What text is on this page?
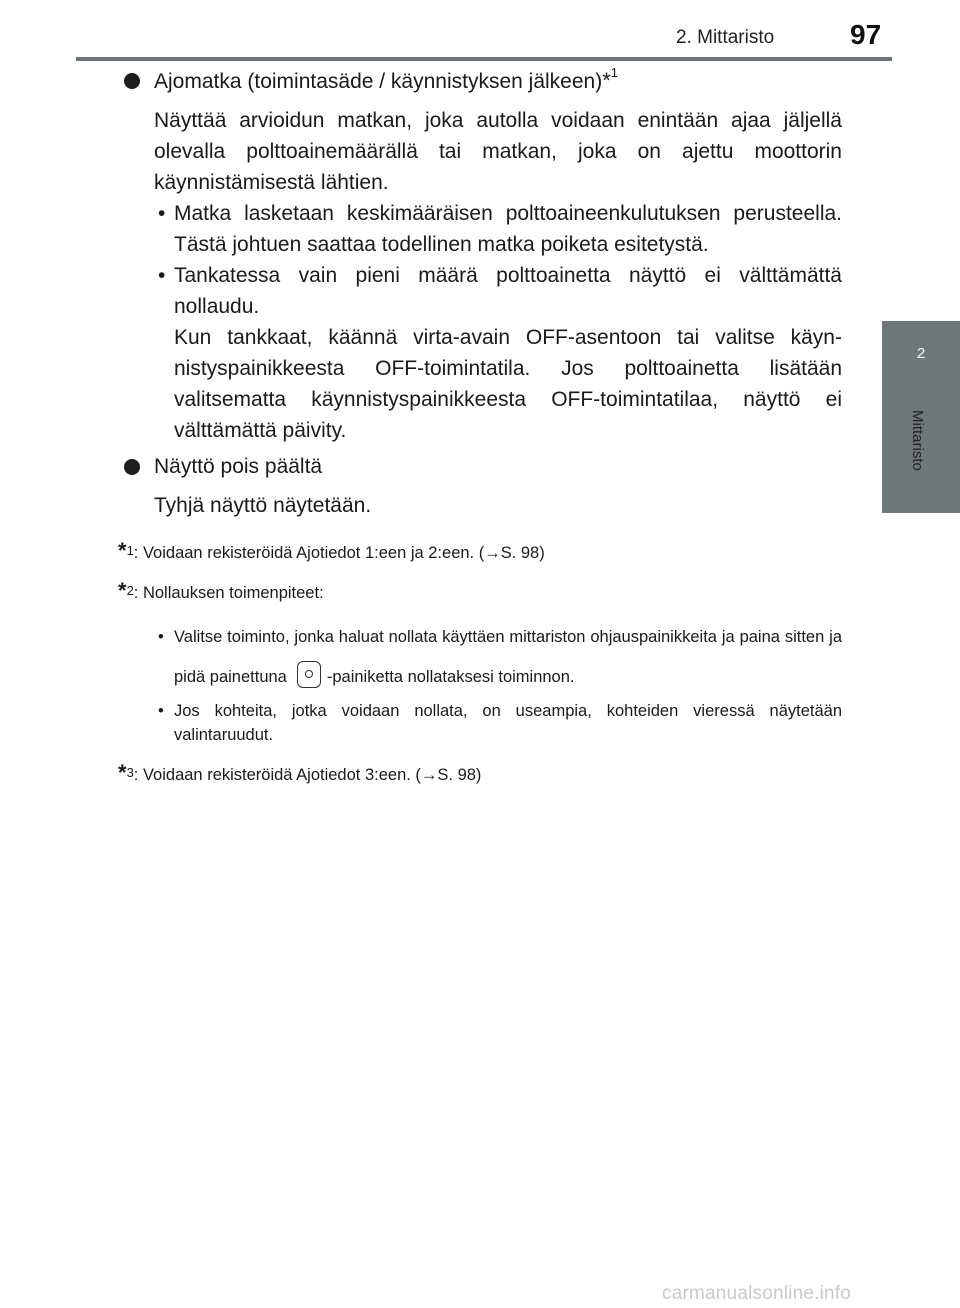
2. Mittaristo	97
2
Mittaristo
Ajomatka (toimintasäde / käynnistyksen jälkeen)*$^1$
Näyttää arvioidun matkan, joka autolla voidaan enintään ajaa jäljellä olevalla polttoainemäärällä tai matkan, joka on ajettu moottorin käynnistämisestä lähtien.
• Matka lasketaan keskimääräisen polttoaineenkulutuksen perusteella. Tästä johtuen saattaa todellinen matka poiketa esitetystä.

• Tankatessa vain pieni määrä polttoainetta näyttö ei välttämättä nollaudu.

Kun tankkaat, käännä virta-avain OFF-asentoon tai valitse käynnistyspainikkeesta OFF-toimintatila. Jos polttoainetta lisätään valitsematta käynnistyspainikkeesta OFF-toimintatilaa, näyttö ei välttämättä päivity.

Näyttö pois päältä
Tyhjä näyttö näytetään.
*$^1$: Voidaan rekisteröidä Ajotiedot 1:een ja 2:een. (→S. 98)
*$^2$: Nollauksen toimenpiteet:
• Valitse toiminto, jonka haluat nollata käyttäen mittariston ohjauspainikkeita ja paina sitten ja pidä painettuna -painiketta nollataksesi toiminnon.

• Jos kohteita, jotka voidaan nollata, on useampia, kohteiden vieressä näytetään valintaruudut.

*$^3$: Voidaan rekisteröidä Ajotiedot 3:een. (→S. 98)
carmanualsonline.info
